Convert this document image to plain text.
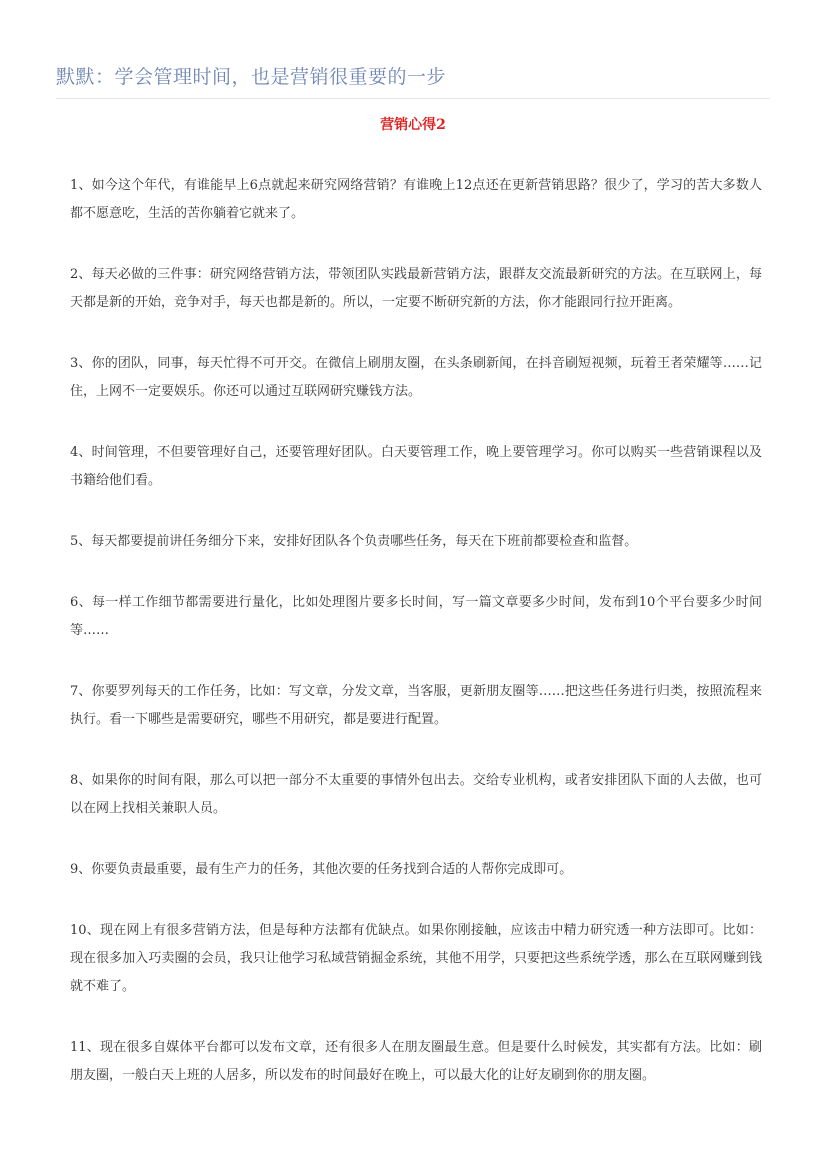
默默：学会管理时间，也是营销很重要的一步
营销心得2

1、如今这个年代，有谁能早上6点就起来研究网络营销？有谁晚上12点还在更新营销思路？很少了，学习的苦大多数人都不愿意吃，生活的苦你躺着它就来了。

2、每天必做的三件事：研究网络营销方法，带领团队实践最新营销方法，跟群友交流最新研究的方法。在互联网上，每天都是新的开始，竞争对手，每天也都是新的。所以，一定要不断研究新的方法，你才能跟同行拉开距离。

3、你的团队，同事，每天忙得不可开交。在微信上刷朋友圈，在头条刷新闻，在抖音刷短视频，玩着王者荣耀等……记住，上网不一定要娱乐。你还可以通过互联网研究赚钱方法。

4、时间管理，不但要管理好自己，还要管理好团队。白天要管理工作，晚上要管理学习。你可以购买一些营销课程以及书籍给他们看。

5、每天都要提前讲任务细分下来，安排好团队各个负责哪些任务，每天在下班前都要检查和监督。

6、每一样工作细节都需要进行量化，比如处理图片要多长时间，写一篇文章要多少时间，发布到10个平台要多少时间等……

7、你要罗列每天的工作任务，比如：写文章，分发文章，当客服，更新朋友圈等……把这些任务进行归类，按照流程来执行。看一下哪些是需要研究，哪些不用研究，都是要进行配置。

8、如果你的时间有限，那么可以把一部分不太重要的事情外包出去。交给专业机构，或者安排团队下面的人去做，也可以在网上找相关兼职人员。

9、你要负责最重要，最有生产力的任务，其他次要的任务找到合适的人帮你完成即可。

10、现在网上有很多营销方法，但是每种方法都有优缺点。如果你刚接触，应该击中精力研究透一种方法即可。比如：现在很多加入巧卖圈的会员，我只让他学习私域营销掘金系统，其他不用学，只要把这些系统学透，那么在互联网赚到钱就不难了。

11、现在很多自媒体平台都可以发布文章，还有很多人在朋友圈最生意。但是要什么时候发，其实都有方法。比如：刷朋友圈，一般白天上班的人居多，所以发布的时间最好在晚上，可以最大化的让好友刷到你的朋友圈。
